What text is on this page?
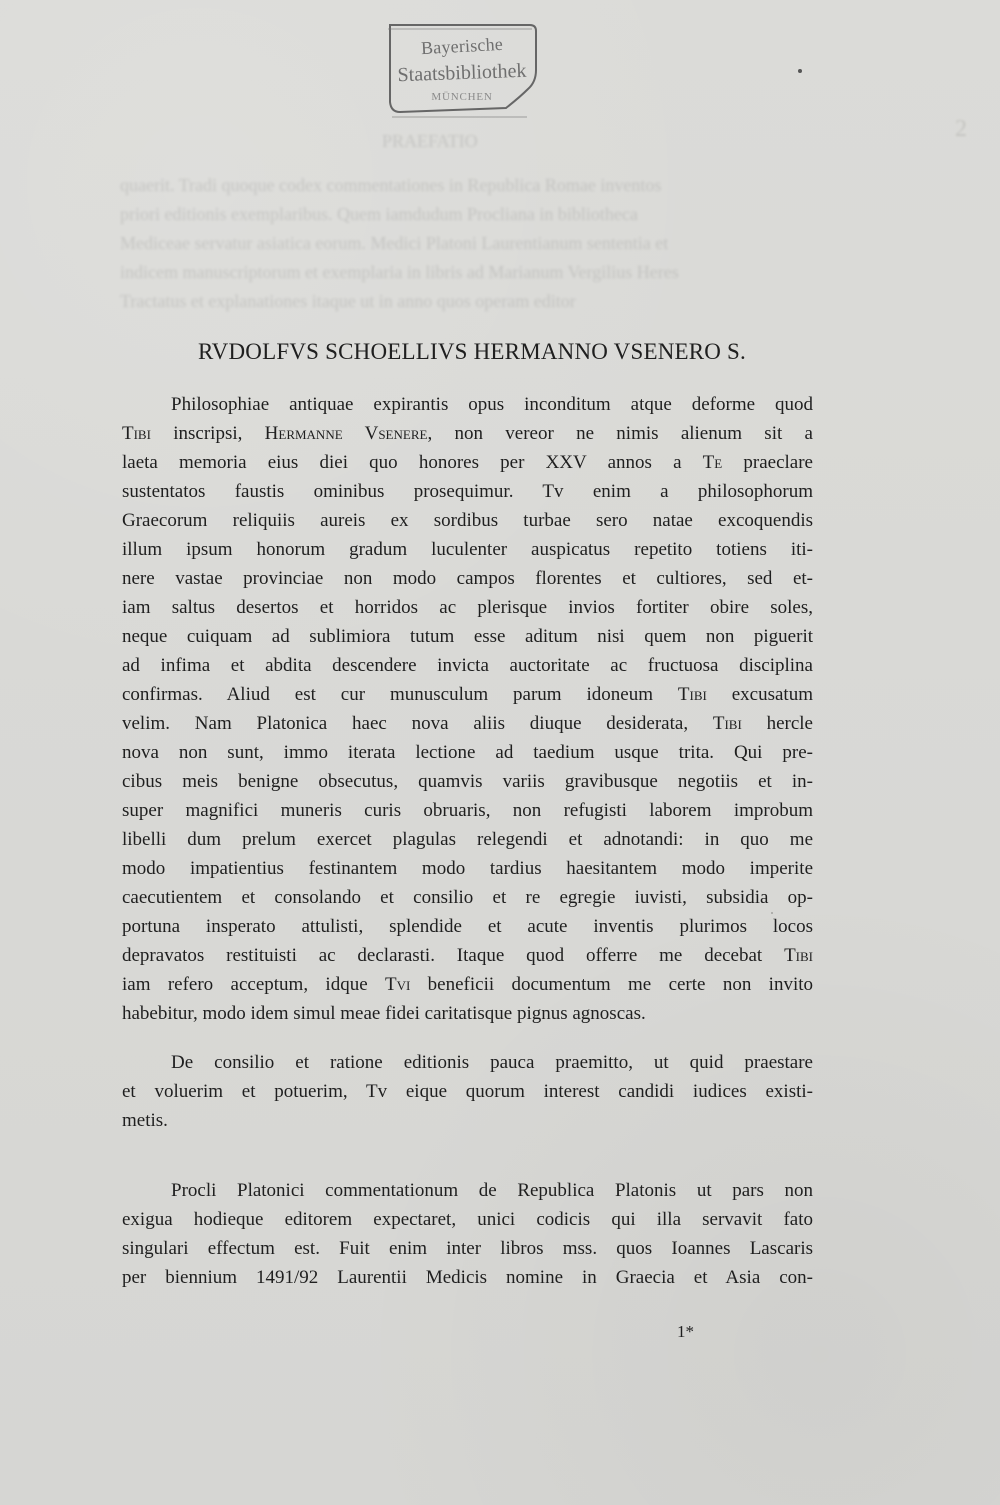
2
PRAEFATIO
quaerit. Tradi quoque codex commentationes in Republica Romae inventos
priori editionis exemplaribus. Quem iamdudum Procliana in bibliotheca
Mediceae servatur asiatica eorum. Medici Platoni Laurentianum sententia et
indicem manuscriptorum et exemplaria in libris ad Marianum Vergilius Heres
Tractatus et explanationes itaque ut in anno quos operam editor
Bayerische
Staatsbibliothek
MÜNCHEN
RVDOLFVS SCHOELLIVS HERMANNO VSENERO S.
Philosophiae antiquae expirantis opus inconditum atque deforme quod
Tibi inscripsi, Hermanne Vsenere, non vereor ne nimis alienum sit a
laeta memoria eius diei quo honores per XXV annos a Te praeclare
sustentatos faustis ominibus prosequimur. Tv enim a philosophorum
Graecorum reliquiis aureis ex sordibus turbae sero natae excoquendis
illum ipsum honorum gradum luculenter auspicatus repetito totiens iti-
nere vastae provinciae non modo campos florentes et cultiores, sed et-
iam saltus desertos et horridos ac plerisque invios fortiter obire soles,
neque cuiquam ad sublimiora tutum esse aditum nisi quem non piguerit
ad infima et abdita descendere invicta auctoritate ac fructuosa disciplina
confirmas. Aliud est cur munusculum parum idoneum Tibi excusatum
velim. Nam Platonica haec nova aliis diuque desiderata, Tibi hercle
nova non sunt, immo iterata lectione ad taedium usque trita. Qui pre-
cibus meis benigne obsecutus, quamvis variis gravibusque negotiis et in-
super magnifici muneris curis obruaris, non refugisti laborem improbum
libelli dum prelum exercet plagulas relegendi et adnotandi: in quo me
modo impatientius festinantem modo tardius haesitantem modo imperite
caecutientem et consolando et consilio et re egregie iuvisti, subsidia op-
portuna insperato attulisti, splendide et acute inventis plurimos locos
depravatos restituisti ac declarasti. Itaque quod offerre me decebat Tibi
iam refero acceptum, idque Tvi beneficii documentum me certe non invito
habebitur, modo idem simul meae fidei caritatisque pignus agnoscas.
De consilio et ratione editionis pauca praemitto, ut quid praestare
et voluerim et potuerim, Tv eique quorum interest candidi iudices existi-
metis.
Procli Platonici commentationum de Republica Platonis ut pars non
exigua hodieque editorem expectaret, unici codicis qui illa servavit fato
singulari effectum est. Fuit enim inter libros mss. quos Ioannes Lascaris
per biennium 1491/92 Laurentii Medicis nomine in Graecia et Asia con-
1*
